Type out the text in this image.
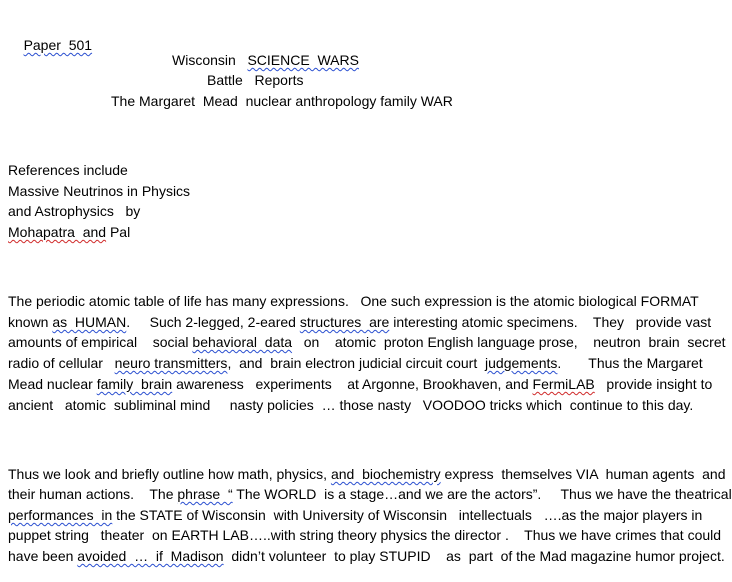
Paper  501

Wisconsin   SCIENCE  WARS
Battle   Reports
The Margaret  Mead  nuclear anthropology family WAR
References include
Massive Neutrinos in Physics
and Astrophysics   by
Mohapatra  and Pal
The periodic atomic table of life has many expressions.   One such expression is the atomic biological FORMAT
known as  HUMAN.     Such 2-legged, 2-eared structures  are interesting atomic specimens.    They   provide vast
amounts of empirical    social behavioral  data   on    atomic  proton English language prose,    neutron  brain  secret
radio of cellular   neuro transmitters,  and  brain electron judicial circuit court  judgements.       Thus the Margaret
Mead nuclear family  brain awareness   experiments    at Argonne, Brookhaven, and FermiLAB   provide insight to
ancient   atomic  subliminal mind     nasty policies  … those nasty   VOODOO tricks which  continue to this day.
Thus we look and briefly outline how math, physics, and  biochemistry express  themselves VIA  human agents  and
their human actions.    The phrase  “ The WORLD  is a stage…and we are the actors”.     Thus we have the theatrical
performances  in the STATE of Wisconsin  with University of Wisconsin   intellectuals   ….as the major players in
puppet string   theater  on EARTH LAB…..with string theory physics the director .    Thus we have crimes that could
have been avoided  …  if  Madison  didn’t volunteer  to play STUPID    as  part  of the Mad magazine humor project.
